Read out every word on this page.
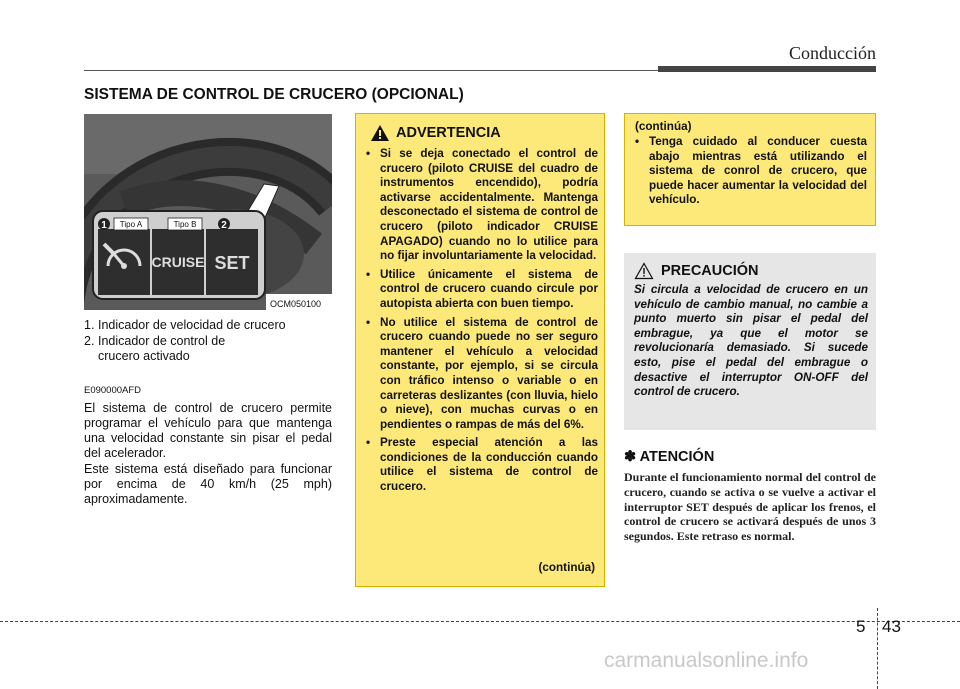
Conducción
SISTEMA DE CONTROL DE CRUCERO (OPCIONAL)
CRUISE SET
1 Tipo A	Tipo B 2
OCM050100
1. Indicador de velocidad de crucero
2. Indicador de control de crucero activado
E090000AFD
El sistema de control de crucero permite programar el vehículo para que mantenga una velocidad constante sin pisar el pedal del acelerador.
Este sistema está diseñado para funcionar por encima de 40 km/h (25 mph) aproximadamente.
ADVERTENCIA
• Si se deja conectado el control de crucero (piloto CRUISE del cuadro de instrumentos encendido), podría activarse accidentalmente. Mantenga desconectado el sistema de control de crucero (piloto indicador CRUISE APAGADO) cuando no lo utilice para no fijar involuntariamente la velocidad.
• Utilice únicamente el sistema de control de crucero cuando circule por autopista abierta con buen tiempo.
• No utilice el sistema de control de crucero cuando puede no ser seguro mantener el vehículo a velocidad constante, por ejemplo, si se circula con tráfico intenso o variable o en carreteras deslizantes (con lluvia, hielo o nieve), con muchas curvas o en pendientes o rampas de más del 6%.
• Preste especial atención a las condiciones de la conducción cuando utilice el sistema de control de crucero.
(continúa)
(continúa)
• Tenga cuidado al conducer cuesta abajo mientras está utilizando el sistema de conrol de crucero, que puede hacer aumentar la velocidad del vehículo.
PRECAUCIÓN
Si circula a velocidad de crucero en un vehículo de cambio manual, no cambie a punto muerto sin pisar el pedal del embrague, ya que el motor se revolucionaría demasiado. Si sucede esto, pise el pedal del embrague o desactive el interruptor ON-OFF del control de crucero.
✽ ATENCIÓN
Durante el funcionamiento normal del control de crucero, cuando se activa o se vuelve a activar el interruptor SET después de aplicar los frenos, el control de crucero se activará después de unos 3 segundos. Este retraso es normal.
5 43
carmanualsonline.info
